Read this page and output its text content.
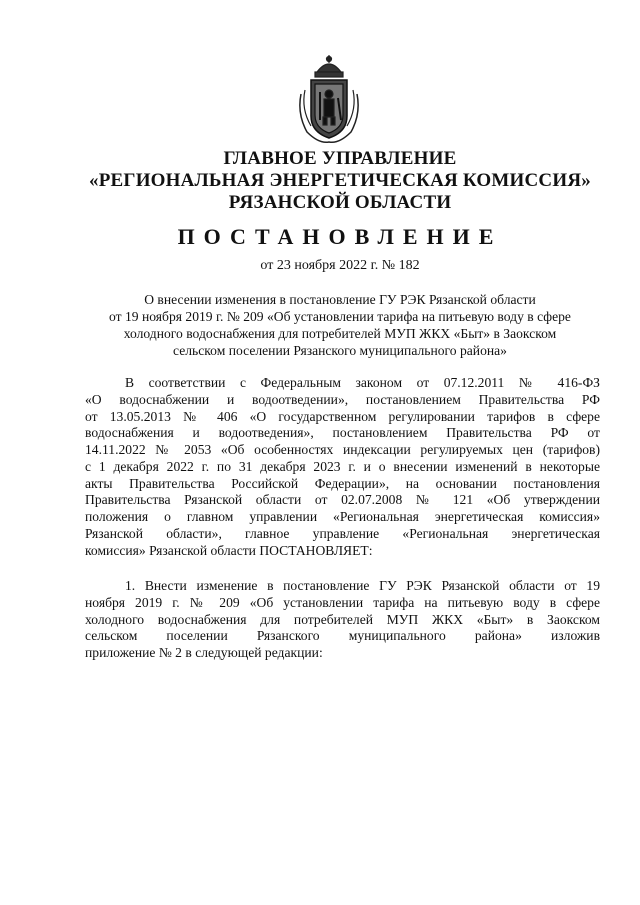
ГЛАВНОЕ УПРАВЛЕНИЕ
«РЕГИОНАЛЬНАЯ ЭНЕРГЕТИЧЕСКАЯ КОМИССИЯ»
РЯЗАНСКОЙ ОБЛАСТИ
ПОСТАНОВЛЕНИЕ
от 23 ноября 2022 г. № 182
О внесении изменения в постановление ГУ РЭК Рязанской области
от 19 ноября 2019 г. № 209 «Об установлении тарифа на питьевую воду в сфере
холодного водоснабжения для потребителей МУП ЖКХ «Быт» в Заокском
сельском поселении Рязанского муниципального района»
В соответствии с Федеральным законом от 07.12.2011 № 416-ФЗ
«О водоснабжении и водоотведении», постановлением Правительства РФ
от 13.05.2013 № 406 «О государственном регулировании тарифов в сфере
водоснабжения и водоотведения», постановлением Правительства РФ от
14.11.2022 № 2053 «Об особенностях индексации регулируемых цен (тарифов)
с 1 декабря 2022 г. по 31 декабря 2023 г. и о внесении изменений в некоторые
акты Правительства Российской Федерации», на основании постановления
Правительства Рязанской области от 02.07.2008 № 121 «Об утверждении
положения о главном управлении «Региональная энергетическая комиссия»
Рязанской области», главное управление «Региональная энергетическая
комиссия» Рязанской области ПОСТАНОВЛЯЕТ:
1. Внести изменение в постановление ГУ РЭК Рязанской области от 19
ноября 2019 г. № 209 «Об установлении тарифа на питьевую воду в сфере
холодного водоснабжения для потребителей МУП ЖКХ «Быт» в Заокском
сельском поселении Рязанского муниципального района» изложив
приложение № 2 в следующей редакции:
